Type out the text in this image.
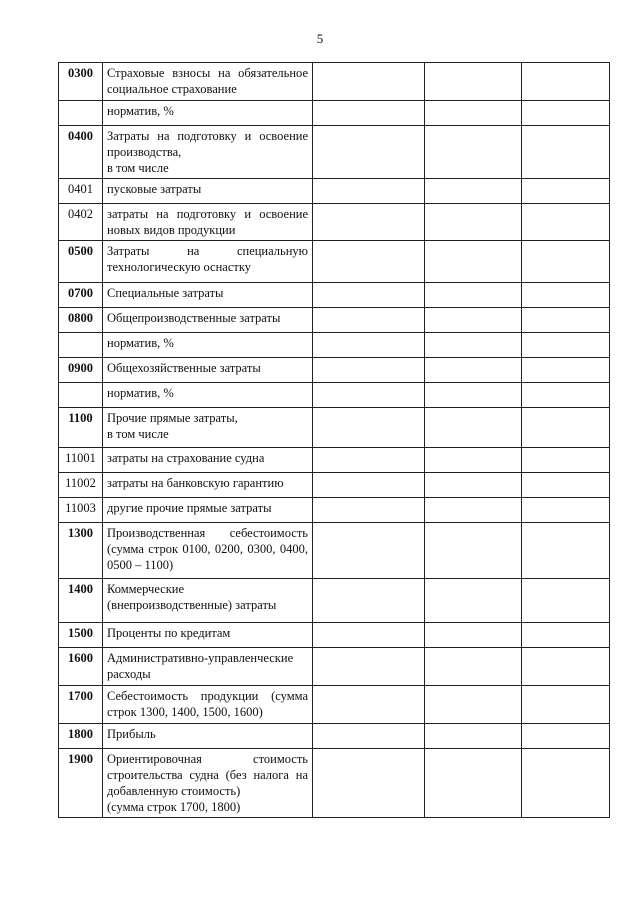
5
0300	Страховые взносы на обязательное социальное страхование			
	норматив, %			
0400	Затраты на подготовку и освоение производства,
в том числе			
0401	пусковые затраты			
0402	затраты на подготовку и освоение новых видов продукции			
0500	Затраты на специальную технологическую оснастку			
0700	Специальные затраты			
0800	Общепроизводственные затраты			
	норматив, %			
0900	Общехозяйственные затраты			
	норматив, %			
1100	Прочие прямые затраты,
в том числе			
11001	затраты на страхование судна			
11002	затраты на банковскую гарантию			
11003	другие прочие прямые затраты			
1300	Производственная себестоимость (сумма строк 0100, 0200, 0300, 0400, 0500 – 1100)			
1400	Коммерческие (внепроизводственные) затраты			
1500	Проценты по кредитам			
1600	Административно-управленческие расходы			
1700	Себестоимость продукции (сумма строк 1300, 1400, 1500, 1600)			
1800	Прибыль			
1900	Ориентировочная стоимость строительства судна (без налога на добавленную стоимость)
(сумма строк 1700, 1800)			
